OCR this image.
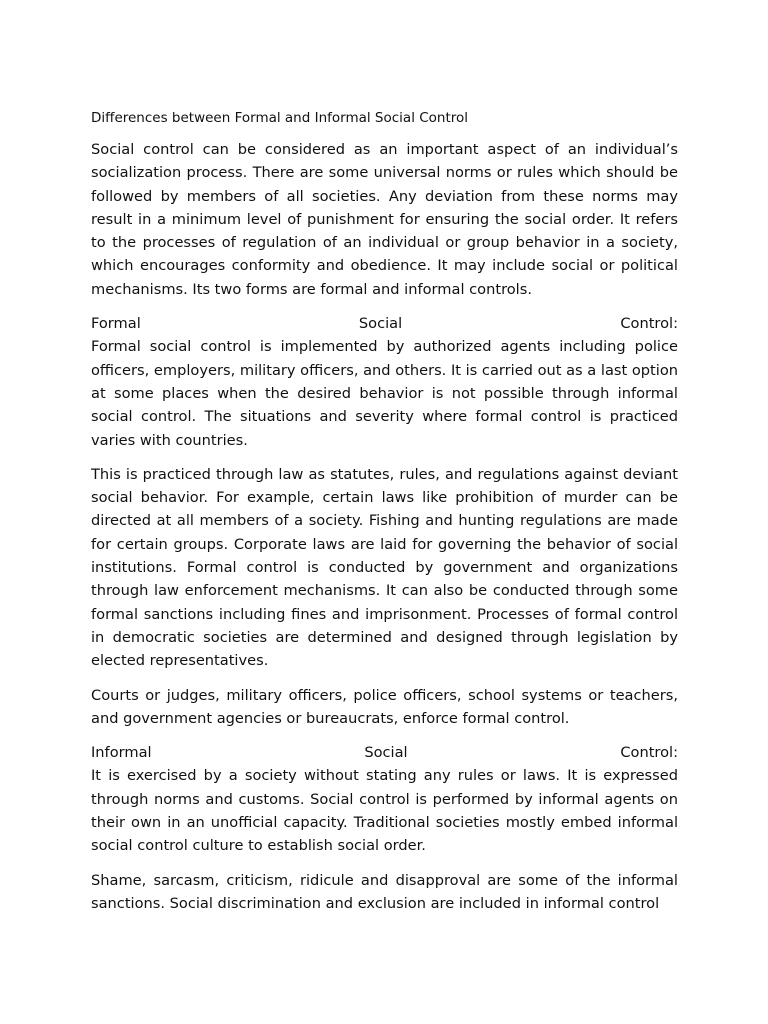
Differences between Formal and Informal Social Control

Social control can be considered as an important aspect of an individual’s socialization process. There are some universal norms or rules which should be followed by members of all societies. Any deviation from these norms may result in a minimum level of punishment for ensuring the social order. It refers to the processes of regulation of an individual or group behavior in a society, which encourages conformity and obedience. It may include social or political mechanisms. Its two forms are formal and informal controls.

Formal	Social	Control:

Formal social control is implemented by authorized agents including police officers, employers, military officers, and others. It is carried out as a last option at some places when the desired behavior is not possible through informal social control. The situations and severity where formal control is practiced varies with countries.

This is practiced through law as statutes, rules, and regulations against deviant social behavior. For example, certain laws like prohibition of murder can be directed at all members of a society. Fishing and hunting regulations are made for certain groups. Corporate laws are laid for governing the behavior of social institutions. Formal control is conducted by government and organizations through law enforcement mechanisms. It can also be conducted through some formal sanctions including fines and imprisonment. Processes of formal control in democratic societies are determined and designed through legislation by elected representatives.

Courts or judges, military officers, police officers, school systems or teachers, and government agencies or bureaucrats, enforce formal control.

Informal	Social	Control:

It is exercised by a society without stating any rules or laws. It is expressed through norms and customs. Social control is performed by informal agents on their own in an unofficial capacity. Traditional societies mostly embed informal social control culture to establish social order.

Shame, sarcasm, criticism, ridicule and disapproval are some of the informal sanctions. Social discrimination and exclusion are included in informal control
